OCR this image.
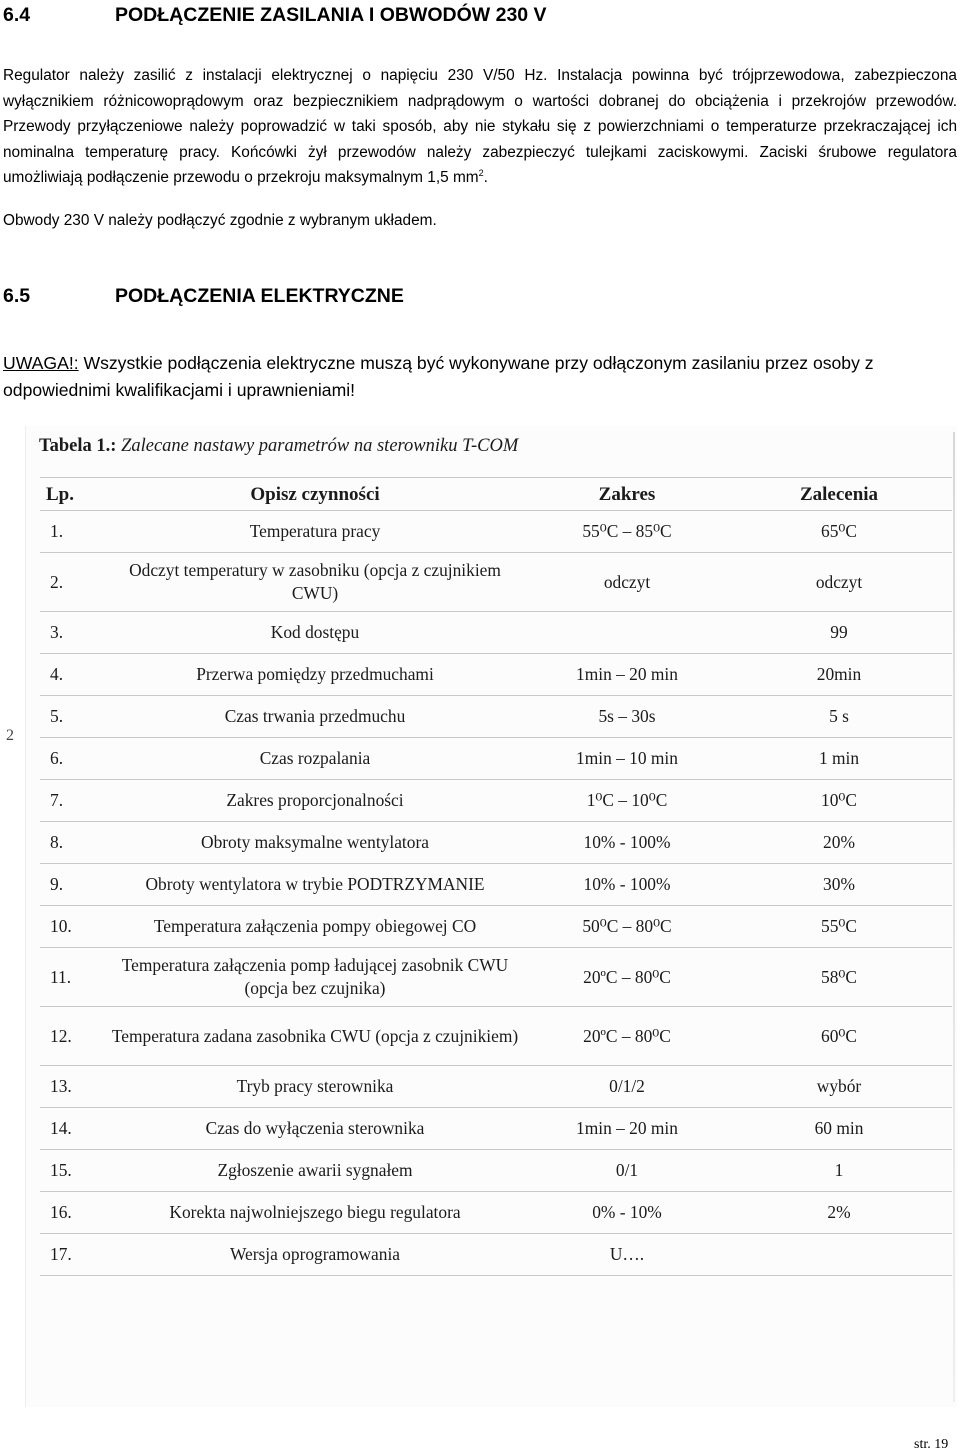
6.4	PODŁĄCZENIE ZASILANIA I OBWODÓW 230 V

Regulator należy zasilić z instalacji elektrycznej o napięciu 230 V/50 Hz. Instalacja powinna być trójprzewodowa, zabezpieczona wyłącznikiem różnicowoprądowym oraz bezpiecznikiem nadprądowym o wartości dobranej do obciążenia i przekrojów przewodów. Przewody przyłączeniowe należy poprowadzić w taki sposób, aby nie stykału się z powierzchniami o temperaturze przekraczającej ich nominalna temperaturę pracy. Końcówki żył przewodów należy zabezpieczyć tulejkami zaciskowymi. Zaciski śrubowe regulatora umożliwiają podłączenie przewodu o przekroju maksymalnym 1,5 $mm^2$.

Obwody 230 V należy podłączyć zgodnie z wybranym układem.

6.5	PODŁĄCZENIA ELEKTRYCZNE

UWAGA!: Wszystkie podłączenia elektryczne muszą być wykonywane przy odłączonym zasilaniu przez osoby z odpowiednimi kwalifikacjami i uprawnieniami!

2
Tabela 1.: Zalecane nastawy parametrów na sterowniku T-COM
Lp.	Opisz czynności	Zakres	Zalecenia
1.	Temperatura pracy	55⁰C – 85⁰C	65⁰C
2.	Odczyt temperatury w zasobniku (opcja z czujnikiem CWU)	odczyt	odczyt
3.	Kod dostępu		99
4.	Przerwa pomiędzy przedmuchami	1min – 20 min	20min
5.	Czas trwania przedmuchu	5s – 30s	5 s
6.	Czas rozpalania	1min – 10 min	1 min
7.	Zakres proporcjonalności	1⁰C – 10⁰C	10⁰C
8.	Obroty maksymalne wentylatora	10% - 100%	20%
9.	Obroty wentylatora w trybie PODTRZYMANIE	10% - 100%	30%
10.	Temperatura załączenia pompy obiegowej CO	50⁰C – 80⁰C	55⁰C
11.	Temperatura załączenia pomp ładującej zasobnik CWU (opcja bez czujnika)	20ºC – 80⁰C	58⁰C
12.	Temperatura zadana zasobnika CWU (opcja z czujnikiem)	20ºC – 80⁰C	60⁰C
13.	Tryb pracy sterownika	0/1/2	wybór
14.	Czas do wyłączenia sterownika	1min – 20 min	60 min
15.	Zgłoszenie awarii sygnałem	0/1	1
16.	Korekta najwolniejszego biegu regulatora	0% - 10%	2%
17.	Wersja oprogramowania	U….	
str. 19
